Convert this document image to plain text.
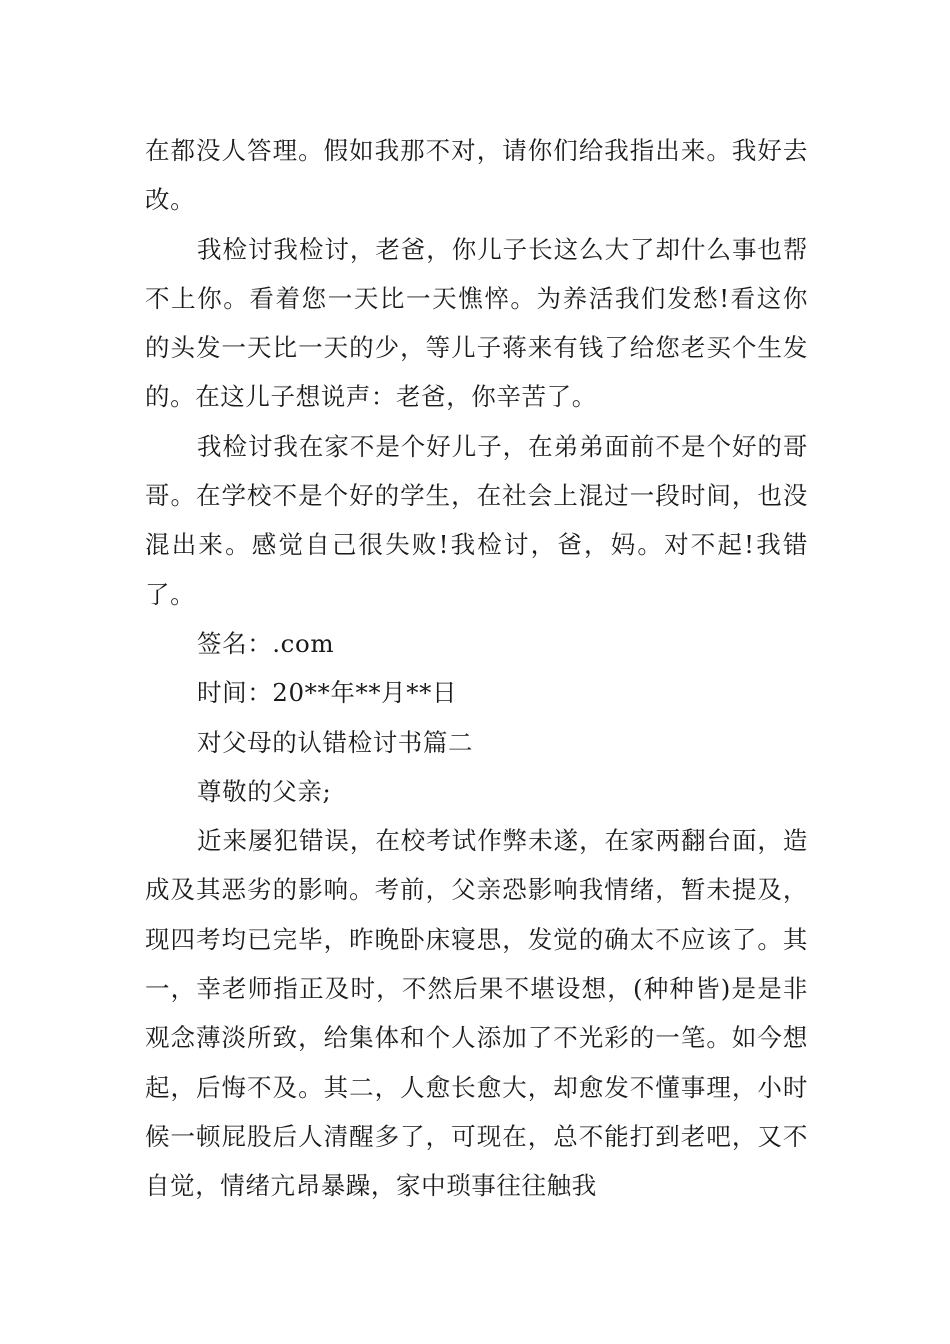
在都没人答理。假如我那不对，请你们给我指出来。我好去改。

我检讨我检讨，老爸，你儿子长这么大了却什么事也帮不上你。看着您一天比一天憔悴。为养活我们发愁!看这你的头发一天比一天的少，等儿子蒋来有钱了给您老买个生发的。在这儿子想说声：老爸，你辛苦了。

我检讨我在家不是个好儿子，在弟弟面前不是个好的哥哥。在学校不是个好的学生，在社会上混过一段时间，也没混出来。感觉自己很失败!我检讨，爸，妈。对不起!我错了。

签名：.com
时间：20**年**月**日
对父母的认错检讨书篇二
尊敬的父亲;

近来屡犯错误，在校考试作弊未遂，在家两翻台面，造成及其恶劣的影响。考前，父亲恐影响我情绪，暂未提及，现四考均已完毕，昨晚卧床寝思，发觉的确太不应该了。其一，幸老师指正及时，不然后果不堪设想，(种种皆)是是非观念薄淡所致，给集体和个人添加了不光彩的一笔。如今想起，后悔不及。其二，人愈长愈大，却愈发不懂事理，小时候一顿屁股后人清醒多了，可现在，总不能打到老吧，又不自觉，情绪亢昂暴躁，家中琐事往往触我
